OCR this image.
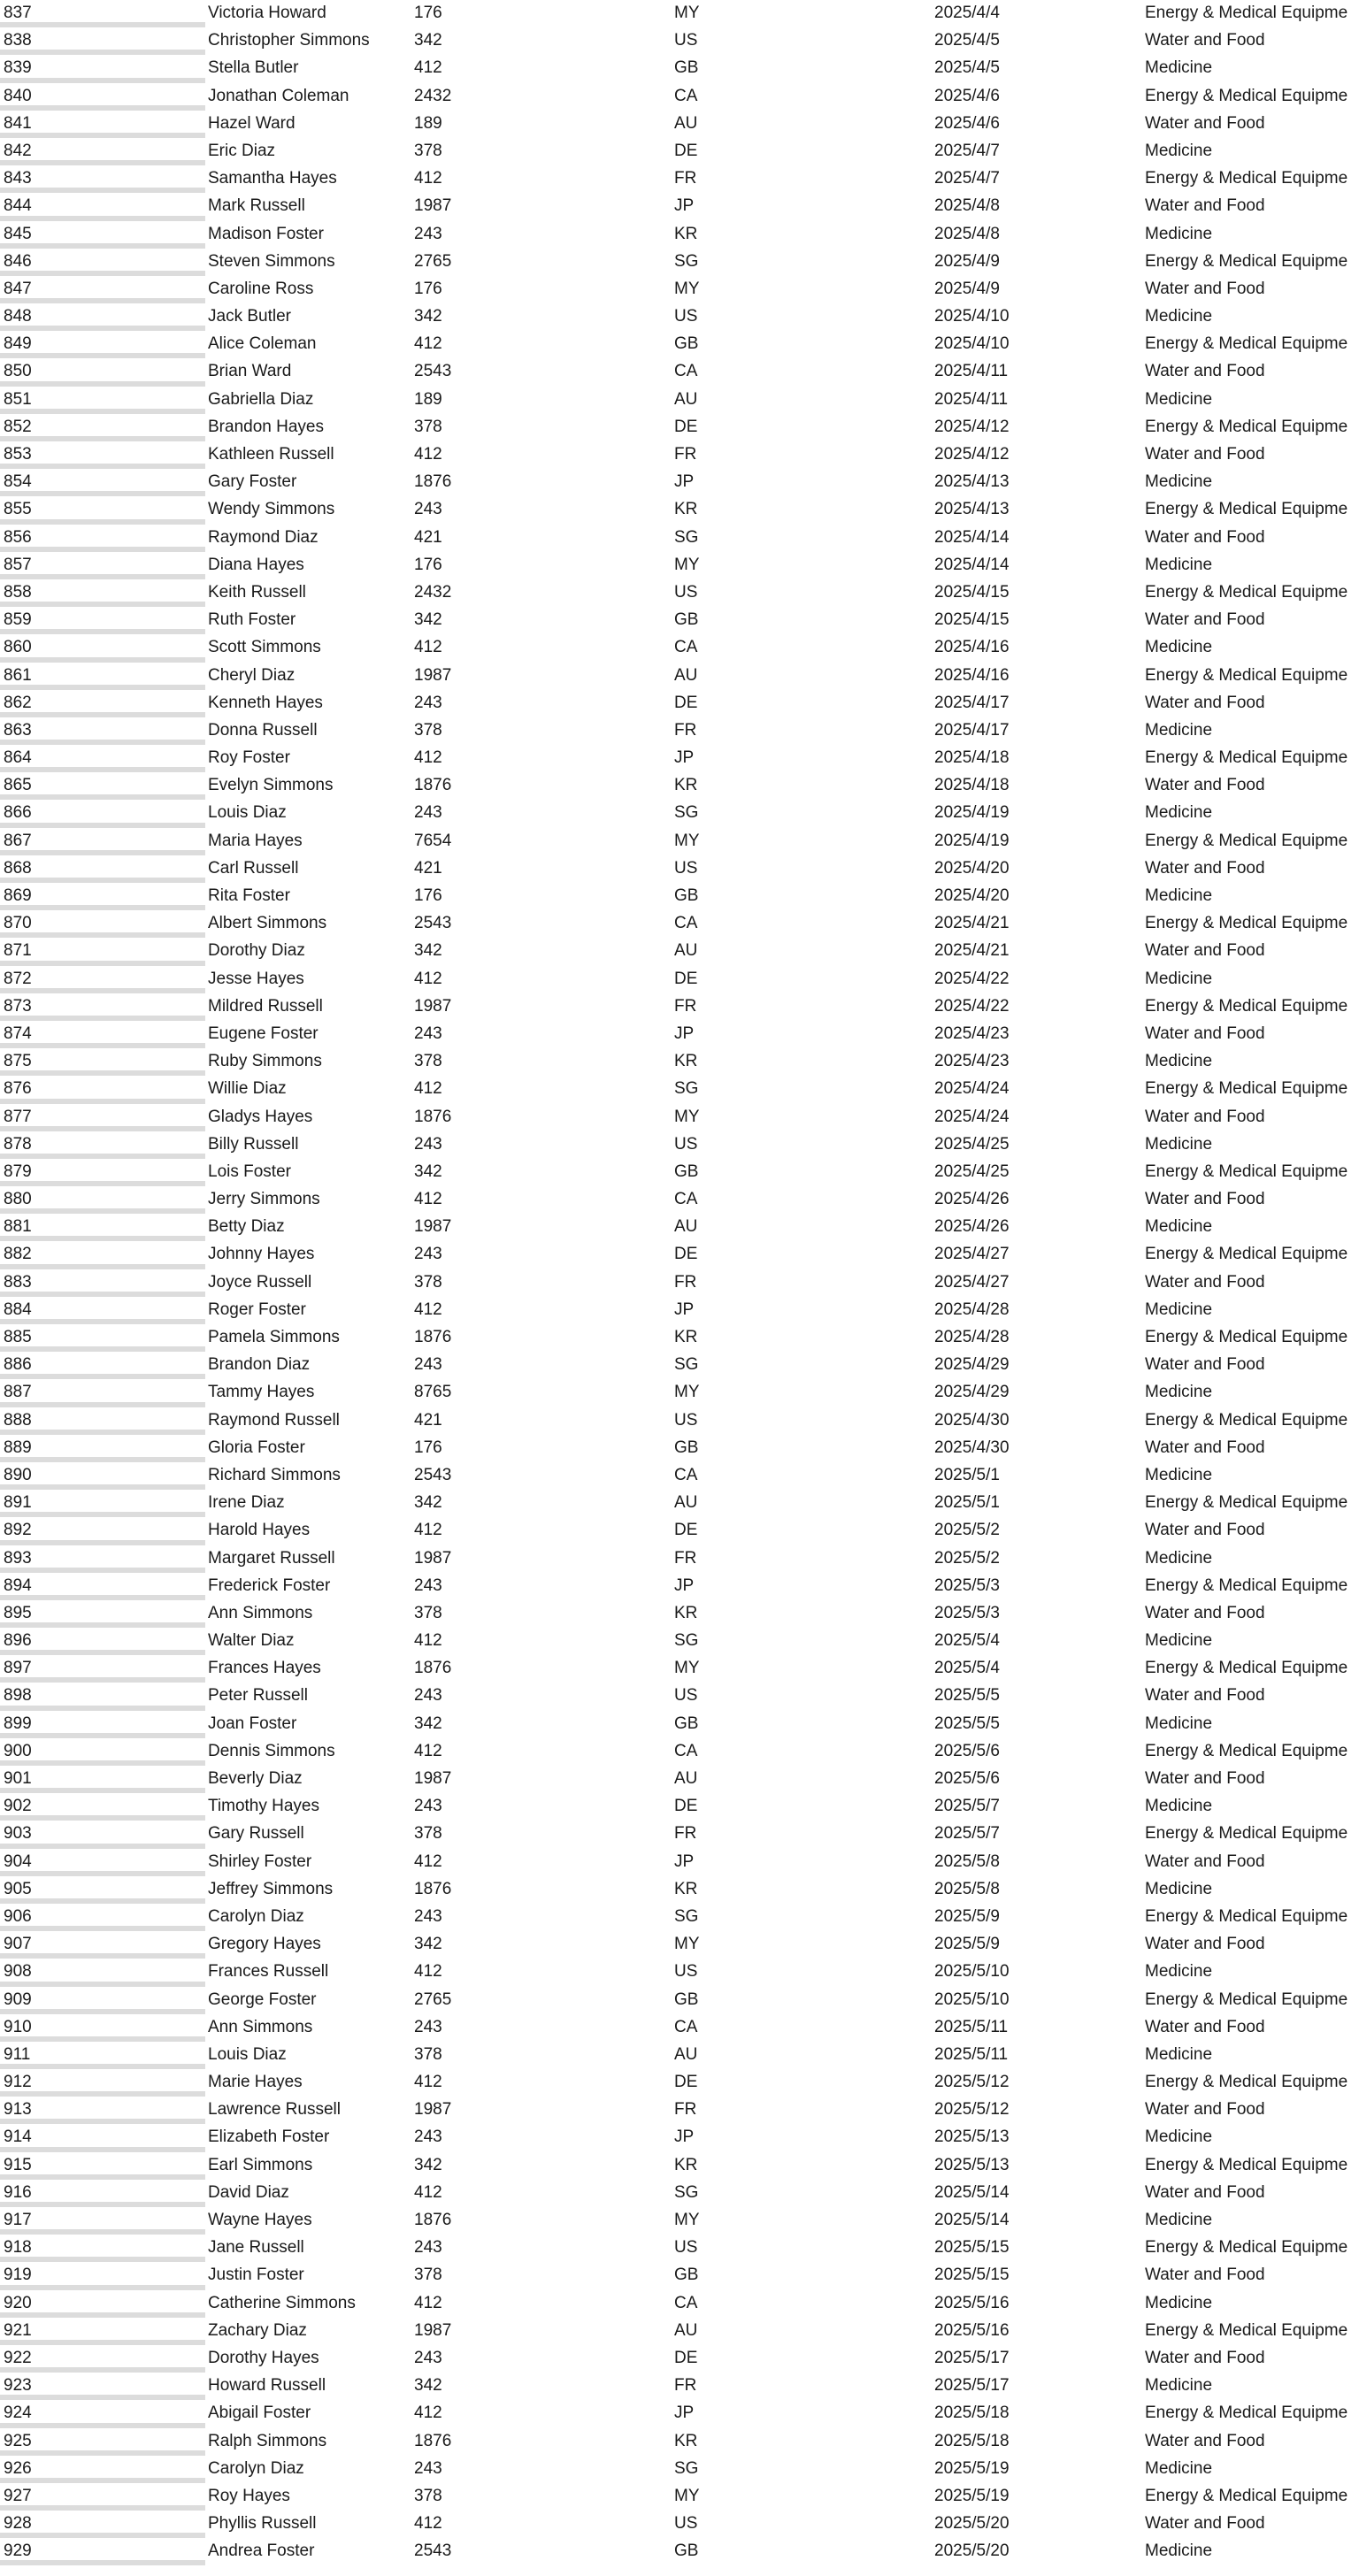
837	Victoria Howard	176	MY	2025/4/4	Energy & Medical Equipme
838	Christopher Simmons	342	US	2025/4/5	Water and Food
839	Stella Butler	412	GB	2025/4/5	Medicine
840	Jonathan Coleman	2432	CA	2025/4/6	Energy & Medical Equipme
841	Hazel Ward	189	AU	2025/4/6	Water and Food
842	Eric Diaz	378	DE	2025/4/7	Medicine
843	Samantha Hayes	412	FR	2025/4/7	Energy & Medical Equipme
844	Mark Russell	1987	JP	2025/4/8	Water and Food
845	Madison Foster	243	KR	2025/4/8	Medicine
846	Steven Simmons	2765	SG	2025/4/9	Energy & Medical Equipme
847	Caroline Ross	176	MY	2025/4/9	Water and Food
848	Jack Butler	342	US	2025/4/10	Medicine
849	Alice Coleman	412	GB	2025/4/10	Energy & Medical Equipme
850	Brian Ward	2543	CA	2025/4/11	Water and Food
851	Gabriella Diaz	189	AU	2025/4/11	Medicine
852	Brandon Hayes	378	DE	2025/4/12	Energy & Medical Equipme
853	Kathleen Russell	412	FR	2025/4/12	Water and Food
854	Gary Foster	1876	JP	2025/4/13	Medicine
855	Wendy Simmons	243	KR	2025/4/13	Energy & Medical Equipme
856	Raymond Diaz	421	SG	2025/4/14	Water and Food
857	Diana Hayes	176	MY	2025/4/14	Medicine
858	Keith Russell	2432	US	2025/4/15	Energy & Medical Equipme
859	Ruth Foster	342	GB	2025/4/15	Water and Food
860	Scott Simmons	412	CA	2025/4/16	Medicine
861	Cheryl Diaz	1987	AU	2025/4/16	Energy & Medical Equipme
862	Kenneth Hayes	243	DE	2025/4/17	Water and Food
863	Donna Russell	378	FR	2025/4/17	Medicine
864	Roy Foster	412	JP	2025/4/18	Energy & Medical Equipme
865	Evelyn Simmons	1876	KR	2025/4/18	Water and Food
866	Louis Diaz	243	SG	2025/4/19	Medicine
867	Maria Hayes	7654	MY	2025/4/19	Energy & Medical Equipme
868	Carl Russell	421	US	2025/4/20	Water and Food
869	Rita Foster	176	GB	2025/4/20	Medicine
870	Albert Simmons	2543	CA	2025/4/21	Energy & Medical Equipme
871	Dorothy Diaz	342	AU	2025/4/21	Water and Food
872	Jesse Hayes	412	DE	2025/4/22	Medicine
873	Mildred Russell	1987	FR	2025/4/22	Energy & Medical Equipme
874	Eugene Foster	243	JP	2025/4/23	Water and Food
875	Ruby Simmons	378	KR	2025/4/23	Medicine
876	Willie Diaz	412	SG	2025/4/24	Energy & Medical Equipme
877	Gladys Hayes	1876	MY	2025/4/24	Water and Food
878	Billy Russell	243	US	2025/4/25	Medicine
879	Lois Foster	342	GB	2025/4/25	Energy & Medical Equipme
880	Jerry Simmons	412	CA	2025/4/26	Water and Food
881	Betty Diaz	1987	AU	2025/4/26	Medicine
882	Johnny Hayes	243	DE	2025/4/27	Energy & Medical Equipme
883	Joyce Russell	378	FR	2025/4/27	Water and Food
884	Roger Foster	412	JP	2025/4/28	Medicine
885	Pamela Simmons	1876	KR	2025/4/28	Energy & Medical Equipme
886	Brandon Diaz	243	SG	2025/4/29	Water and Food
887	Tammy Hayes	8765	MY	2025/4/29	Medicine
888	Raymond Russell	421	US	2025/4/30	Energy & Medical Equipme
889	Gloria Foster	176	GB	2025/4/30	Water and Food
890	Richard Simmons	2543	CA	2025/5/1	Medicine
891	Irene Diaz	342	AU	2025/5/1	Energy & Medical Equipme
892	Harold Hayes	412	DE	2025/5/2	Water and Food
893	Margaret Russell	1987	FR	2025/5/2	Medicine
894	Frederick Foster	243	JP	2025/5/3	Energy & Medical Equipme
895	Ann Simmons	378	KR	2025/5/3	Water and Food
896	Walter Diaz	412	SG	2025/5/4	Medicine
897	Frances Hayes	1876	MY	2025/5/4	Energy & Medical Equipme
898	Peter Russell	243	US	2025/5/5	Water and Food
899	Joan Foster	342	GB	2025/5/5	Medicine
900	Dennis Simmons	412	CA	2025/5/6	Energy & Medical Equipme
901	Beverly Diaz	1987	AU	2025/5/6	Water and Food
902	Timothy Hayes	243	DE	2025/5/7	Medicine
903	Gary Russell	378	FR	2025/5/7	Energy & Medical Equipme
904	Shirley Foster	412	JP	2025/5/8	Water and Food
905	Jeffrey Simmons	1876	KR	2025/5/8	Medicine
906	Carolyn Diaz	243	SG	2025/5/9	Energy & Medical Equipme
907	Gregory Hayes	342	MY	2025/5/9	Water and Food
908	Frances Russell	412	US	2025/5/10	Medicine
909	George Foster	2765	GB	2025/5/10	Energy & Medical Equipme
910	Ann Simmons	243	CA	2025/5/11	Water and Food
911	Louis Diaz	378	AU	2025/5/11	Medicine
912	Marie Hayes	412	DE	2025/5/12	Energy & Medical Equipme
913	Lawrence Russell	1987	FR	2025/5/12	Water and Food
914	Elizabeth Foster	243	JP	2025/5/13	Medicine
915	Earl Simmons	342	KR	2025/5/13	Energy & Medical Equipme
916	David Diaz	412	SG	2025/5/14	Water and Food
917	Wayne Hayes	1876	MY	2025/5/14	Medicine
918	Jane Russell	243	US	2025/5/15	Energy & Medical Equipme
919	Justin Foster	378	GB	2025/5/15	Water and Food
920	Catherine Simmons	412	CA	2025/5/16	Medicine
921	Zachary Diaz	1987	AU	2025/5/16	Energy & Medical Equipme
922	Dorothy Hayes	243	DE	2025/5/17	Water and Food
923	Howard Russell	342	FR	2025/5/17	Medicine
924	Abigail Foster	412	JP	2025/5/18	Energy & Medical Equipme
925	Ralph Simmons	1876	KR	2025/5/18	Water and Food
926	Carolyn Diaz	243	SG	2025/5/19	Medicine
927	Roy Hayes	378	MY	2025/5/19	Energy & Medical Equipme
928	Phyllis Russell	412	US	2025/5/20	Water and Food
929	Andrea Foster	2543	GB	2025/5/20	Medicine
